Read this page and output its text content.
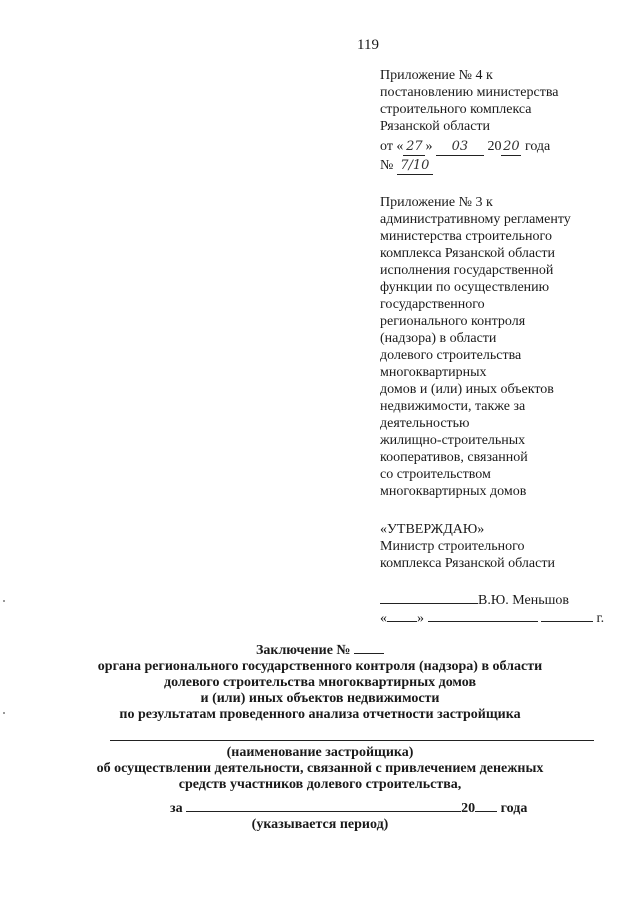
119
Приложение № 4 к
постановлению министерства
строительного комплекса
Рязанской области
от « 27 » 03 20 20 года
№ 7/10
Приложение № 3 к
административному регламенту
министерства строительного
комплекса Рязанской области
исполнения государственной
функции по осуществлению
государственного
регионального контроля
(надзора) в области
долевого строительства
многоквартирных
домов и (или) иных объектов
недвижимости, также за
деятельностью
жилищно-строительных
кооперативов, связанной
со строительством
многоквартирных домов
«УТВЕРЖДАЮ»
Министр строительного
комплекса Рязанской области
В.Ю. Меньшов
« »	г.
Заключение №
органа регионального государственного контроля (надзора) в области
долевого строительства многоквартирных домов
и (или) иных объектов недвижимости
по результатам проведенного анализа отчетности застройщика
(наименование застройщика)
об осуществлении деятельности, связанной с привлечением денежных
средств участников долевого строительства,
за	20 года
(указывается период)
